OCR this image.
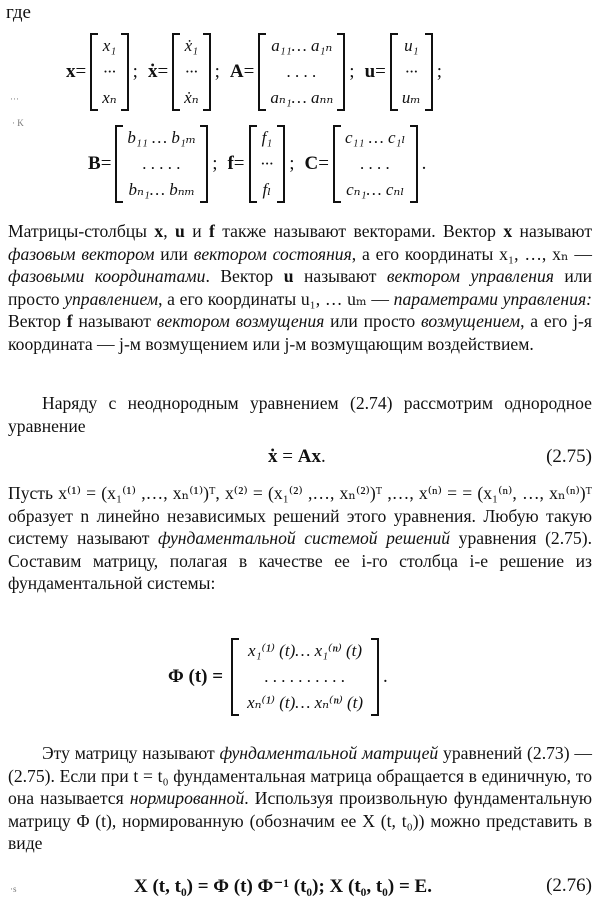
где
···
· K
·s
x =
x₁
···
xₙ
; ẋ =
ẋ₁
···
ẋₙ
; A =
a₁₁… a₁ₙ
. . . .
aₙ₁… aₙₙ
; u =
u₁
···
uₘ
;
B =
b₁₁ … b₁ₘ
. . . . .
bₙ₁… bₙₘ
; f =
f₁
···
fₗ
; C =
c₁₁ … c₁ₗ
. . . .
cₙ₁… cₙₗ
.

Матрицы-столбцы x, u и f также называют векторами. Вектор x называют фазовым вектором или вектором состояния, а его координаты x₁, …, xₙ — фазовыми координатами. Вектор u называют вектором управления или просто управлением, а его координаты u₁, … uₘ — параметрами управления: Вектор f называют вектором возмущения или просто возмущением, а его j-я координата — j-м возмущением или j-м возмущающим воздействием.

Наряду с неоднородным уравнением (2.74) рассмотрим однородное уравнение

ẋ = Ax.	(2.75)

Пусть x⁽¹⁾ = (x₁⁽¹⁾ ,…, xₙ⁽¹⁾)ᵀ, x⁽²⁾ = (x₁⁽²⁾ ,…, xₙ⁽²⁾)ᵀ ,…, x⁽ⁿ⁾ = = (x₁⁽ⁿ⁾, …, xₙ⁽ⁿ⁾)ᵀ образует n линейно независимых решений этого уравнения. Любую такую систему называют фундаментальной системой решений уравнения (2.75). Составим матрицу, полагая в качестве ее i-го столбца i-е решение из фундаментальной системы:

Φ (t) =
x₁⁽¹⁾ (t)… x₁⁽ⁿ⁾ (t)
. . . . . . . . . .
xₙ⁽¹⁾ (t)… xₙ⁽ⁿ⁾ (t)
.

Эту матрицу называют фундаментальной матрицей уравнений (2.73) — (2.75). Если при t = t₀ фундаментальная матрица обращается в единичную, то она называется нормированной. Используя произвольную фундаментальную матрицу Φ (t), нормированную (обозначим ее X (t, t₀)) можно представить в виде

X (t, t₀) = Φ (t) Φ⁻¹ (t₀); X (t₀, t₀) = E.	(2.76)
